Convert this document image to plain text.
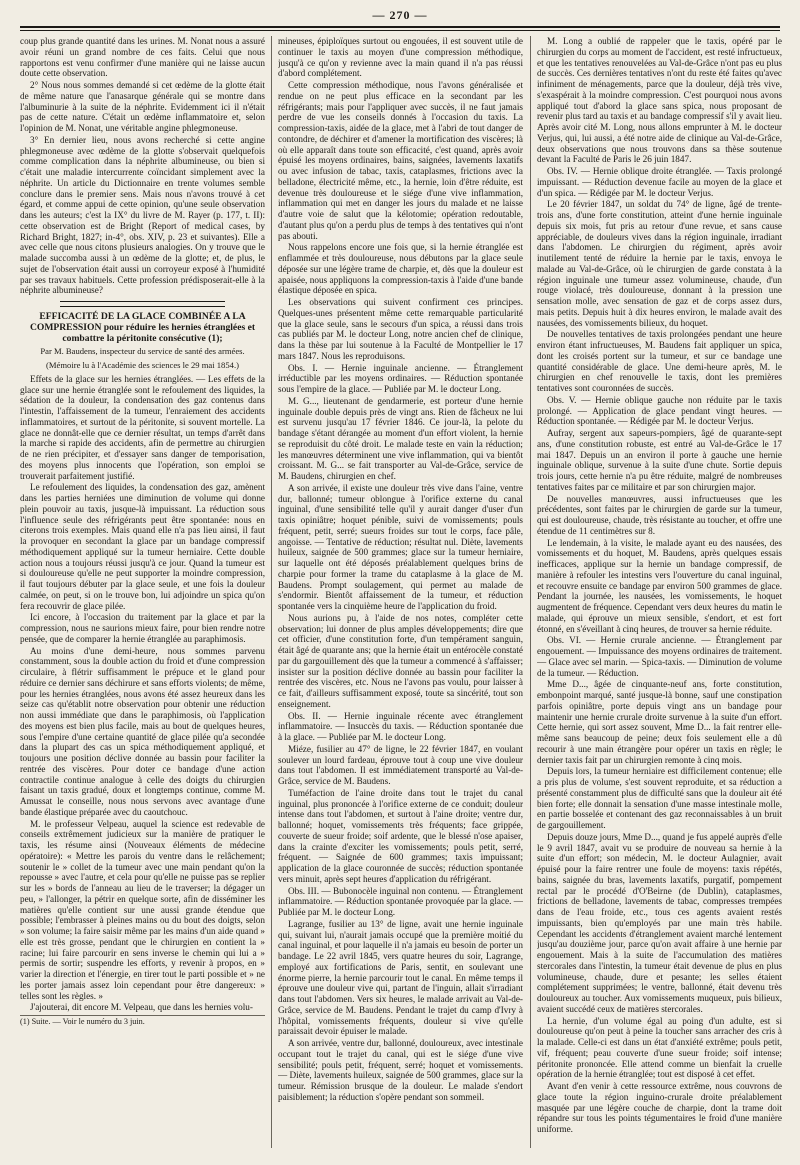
— 270 —

coup plus grande quantité dans les urines. M. Nonat nous a assuré avoir réuni un grand nombre de ces faits. Celui que nous rapportons est venu confirmer d'une manière qui ne laisse aucun doute cette observation.

2° Nous nous sommes demandé si cet œdème de la glotte était de même nature que l'anasarque générale qui se montre dans l'albuminurie à la suite de la néphrite. Evidemment ici il n'était pas de cette nature. C'était un œdème inflammatoire et, selon l'opinion de M. Nonat, une véritable angine phlegmoneuse.

3° En dernier lieu, nous avons recherché si cette angine phlegmoneuse avec œdème de la glotte s'observait quelquefois comme complication dans la néphrite albumineuse, ou bien si c'était une maladie intercurrente coïncidant simplement avec la néphrite. Un article du Dictionnaire en trente volumes semble conclure dans le premier sens. Mais nous n'avons trouvé à cet égard, et comme appui de cette opinion, qu'une seule observation dans les auteurs; c'est la IX° du livre de M. Rayer (p. 177, t. II): cette observation est de Bright (Report of medical cases, by Richard Bright, 1827; in-4°, obs. XIV, p. 23 et suivantes). Elle a avec celle que nous citons plusieurs analogies. On y trouve que le malade succomba aussi à un œdème de la glotte; et, de plus, le sujet de l'observation était aussi un corroyeur exposé à l'humidité par ses travaux habituels. Cette profession prédisposerait-elle à la néphrite albumineuse?

EFFICACITÉ DE LA GLACE COMBINÉE A LA COMPRESSION pour réduire les hernies étranglées et combattre la péritonite consécutive (1);

Par M. Baudens, inspecteur du service de santé des armées.

(Mémoire lu à l'Académie des sciences le 29 mai 1854.)

Effets de la glace sur les hernies étranglées. — Les effets de la glace sur une hernie étranglée sont le refoulement des liquides, la sédation de la douleur, la condensation des gaz contenus dans l'intestin, l'affaissement de la tumeur, l'enraiement des accidents inflammatoires, et surtout de la péritonite, si souvent mortelle. La glace ne donnât-elle que ce dernier résultat, un temps d'arrêt dans la marche si rapide des accidents, afin de permettre au chirurgien de ne rien précipiter, et d'essayer sans danger de temporisation, des moyens plus innocents que l'opération, son emploi se trouverait parfaitement justifié.

Le refoulement des liquides, la condensation des gaz, amènent dans les parties herniées une diminution de volume qui donne plein pouvoir au taxis, jusque-là impuissant. La réduction sous l'influence seule des réfrigérants peut être spontanée: nous en citerons trois exemples. Mais quand elle n'a pas lieu ainsi, il faut la provoquer en secondant la glace par un bandage compressif méthodiquement appliqué sur la tumeur herniaire. Cette double action nous a toujours réussi jusqu'à ce jour. Quand la tumeur est si douloureuse qu'elle ne peut supporter la moindre compression, il faut toujours débuter par la glace seule, et une fois la douleur calmée, on peut, si on le trouve bon, lui adjoindre un spica qu'on fera recouvrir de glace pilée.

Ici encore, à l'occasion du traitement par la glace et par la compression, nous ne saurions mieux faire, pour bien rendre notre pensée, que de comparer la hernie étranglée au paraphimosis.

Au moins d'une demi-heure, nous sommes parvenu constamment, sous la double action du froid et d'une compression circulaire, à flétrir suffisamment le prépuce et le gland pour réduire ce dernier sans déchirure et sans efforts violents; de même, pour les hernies étranglées, nous avons été assez heureux dans les seize cas qu'établit notre observation pour obtenir une réduction non aussi immédiate que dans le paraphimosis, où l'application des moyens est bien plus facile, mais au bout de quelques heures, sous l'empire d'une certaine quantité de glace pilée qu'a secondée dans la plupart des cas un spica méthodiquement appliqué, et toujours une position déclive donnée au bassin pour faciliter la rentrée des viscères. Pour doter ce bandage d'une action contractile continue analogue à celle des doigts du chirurgien faisant un taxis gradué, doux et longtemps continue, comme M. Amussat le conseille, nous nous servons avec avantage d'une bande élastique préparée avec du caoutchouc.

M. le professeur Velpeau, auquel la science est redevable de conseils extrêmement judicieux sur la manière de pratiquer le taxis, les résume ainsi (Nouveaux éléments de médecine opératoire): « Mettre les parois du ventre dans le relâchement; soutenir le » collet de la tumeur avec une main pendant qu'on la repousse » avec l'autre, et cela pour qu'elle ne puisse pas se replier sur les » bords de l'anneau au lieu de le traverser; la dégager un peu, » l'allonger, la pétrir en quelque sorte, afin de disséminer les matières qu'elle contient sur une aussi grande étendue que possible; l'embrasser à pleines mains ou du bout des doigts, selon » son volume; la faire saisir même par les mains d'un aide quand » elle est très grosse, pendant que le chirurgien en contient la » racine; lui faire parcourir en sens inverse le chemin qui lui a » permis de sortir; suspendre les efforts, y revenir à propos, en » varier la direction et l'énergie, en tirer tout le parti possible et » ne les porter jamais assez loin cependant pour être dangereux: » telles sont les règles. »

J'ajouterai, dit encore M. Velpeau, que dans les hernies volu-

(1) Suite. — Voir le numéro du 3 juin.

mineuses, épiploïques surtout ou engouées, il est souvent utile de continuer le taxis au moyen d'une compression méthodique, jusqu'à ce qu'on y revienne avec la main quand il n'a pas réussi d'abord complétement.

Cette compression méthodique, nous l'avons généralisée et rendue on ne peut plus efficace en la secondant par les réfrigérants; mais pour l'appliquer avec succès, il ne faut jamais perdre de vue les conseils donnés à l'occasion du taxis. La compression-taxis, aidée de la glace, met à l'abri de tout danger de contondre, de déchirer et d'amener la mortification des viscères; là où elle apparaît dans toute son efficacité, c'est quand, après avoir épuisé les moyens ordinaires, bains, saignées, lavements laxatifs ou avec infusion de tabac, taxis, cataplasmes, frictions avec la belladone, électricité même, etc., la hernie, loin d'être réduite, est devenue très douloureuse et le siége d'une vive inflammation, inflammation qui met en danger les jours du malade et ne laisse d'autre voie de salut que la kélotomie; opération redoutable, d'autant plus qu'on a perdu plus de temps à des tentatives qui n'ont pas abouti.

Nous rappelons encore une fois que, si la hernie étranglée est enflammée et très douloureuse, nous débutons par la glace seule déposée sur une légère trame de charpie, et, dès que la douleur est apaisée, nous appliquons la compression-taxis à l'aide d'une bande élastique déposée en spica.

Les observations qui suivent confirment ces principes. Quelques-unes présentent même cette remarquable particularité que la glace seule, sans le secours d'un spica, a réussi dans trois cas publiés par M. le docteur Long, notre ancien chef de clinique, dans la thèse par lui soutenue à la Faculté de Montpellier le 17 mars 1847. Nous les reproduisons.

Obs. I. — Hernie inguinale ancienne. — Étranglement irréductible par les moyens ordinaires. — Réduction spontanée sous l'empire de la glace. — Publiée par M. le docteur Long.

M. G..., lieutenant de gendarmerie, est porteur d'une hernie inguinale double depuis près de vingt ans. Rien de fâcheux ne lui est survenu jusqu'au 17 février 1846. Ce jour-là, la pelote du bandage s'étant dérangée au moment d'un effort violent, la hernie se reproduisit du côté droit. Le malade teste en vain la réduction; les manœuvres déterminent une vive inflammation, qui va bientôt croissant. M. G... se fait transporter au Val-de-Grâce, service de M. Baudens, chirurgien en chef.

A son arrivée, il existe une douleur très vive dans l'aine, ventre dur, ballonné; tumeur oblongue à l'orifice externe du canal inguinal, d'une sensibilité telle qu'il y aurait danger d'user d'un taxis opiniâtre; hoquet pénible, suivi de vomissements; pouls fréquent, petit, serré; sueurs froides sur tout le corps, face pâle, angoisse. — Tentative de réduction; résultat nul. Diète, lavements huileux, saignée de 500 grammes; glace sur la tumeur herniaire, sur laquelle ont été déposés préalablement quelques brins de charpie pour former la trame du cataplasme à la glace de M. Baudens. Prompt soulagement, qui permet au malade de s'endormir. Bientôt affaissement de la tumeur, et réduction spontanée vers la cinquième heure de l'application du froid.

Nous aurions pu, à l'aide de nos notes, compléter cette observation; lui donner de plus amples développements; dire que cet officier, d'une constitution forte, d'un tempérament sanguin, était âgé de quarante ans; que la hernie était un entérocèle constaté par du gargouillement dès que la tumeur a commencé à s'affaisser; insister sur la position déclive donnée au bassin pour faciliter la rentrée des viscères, etc. Nous ne l'avons pas voulu, pour laisser à ce fait, d'ailleurs suffisamment exposé, toute sa sincérité, tout son enseignement.

Obs. II. — Hernie inguinale récente avec étranglement inflammatoire. — Insuccès du taxis. — Réduction spontanée due à la glace. — Publiée par M. le docteur Long.

Miéze, fusilier au 47° de ligne, le 22 février 1847, en voulant soulever un lourd fardeau, éprouve tout à coup une vive douleur dans tout l'abdomen. Il est immédiatement transporté au Val-de-Grâce, service de M. Baudens.

Tuméfaction de l'aine droite dans tout le trajet du canal inguinal, plus prononcée à l'orifice externe de ce conduit; douleur intense dans tout l'abdomen, et surtout à l'aine droite; ventre dur, ballonné; hoquet, vomissements très fréquents; face grippée, couverte de sueur froide; soif ardente, que le blessé n'ose apaiser, dans la crainte d'exciter les vomissements; pouls petit, serré, fréquent. — Saignée de 600 grammes; taxis impuissant; application de la glace couronnée de succès; réduction spontanée vers minuit, après sept heures d'application du réfrigérant.

Obs. III. — Bubonocèle inguinal non contenu. — Étranglement inflammatoire. — Réduction spontanée provoquée par la glace. — Publiée par M. le docteur Long.

Lagrange, fusilier au 13° de ligne, avait une hernie inguinale qui, suivant lui, n'aurait jamais occupé que la première moitié du canal inguinal, et pour laquelle il n'a jamais eu besoin de porter un bandage. Le 22 avril 1845, vers quatre heures du soir, Lagrange, employé aux fortifications de Paris, sentit, en soulevant une énorme pierre, la hernie parcourir tout le canal. En même temps il éprouve une douleur vive qui, partant de l'inguin, allait s'irradiant dans tout l'abdomen. Vers six heures, le malade arrivait au Val-de-Grâce, service de M. Baudens. Pendant le trajet du camp d'Ivry à l'hôpital, vomissements fréquents, douleur si vive qu'elle paraissait devoir épuiser le malade.

A son arrivée, ventre dur, ballonné, douloureux, avec intestinale occupant tout le trajet du canal, qui est le siége d'une vive sensibilité; pouls petit, fréquent, serré; hoquet et vomissements. — Diète, lavements huileux, saignée de 500 grammes, glace sur la tumeur. Rémission brusque de la douleur. Le malade s'endort paisiblement; la réduction s'opère pendant son sommeil.

M. Long a oublié de rappeler que le taxis, opéré par le chirurgien du corps au moment de l'accident, est resté infructueux, et que les tentatives renouvelées au Val-de-Grâce n'ont pas eu plus de succès. Ces dernières tentatives n'ont du reste été faites qu'avec infiniment de ménagements, parce que la douleur, déjà très vive, s'exaspérait à la moindre compression. C'est pourquoi nous avons appliqué tout d'abord la glace sans spica, nous proposant de revenir plus tard au taxis et au bandage compressif s'il y avait lieu. Après avoir cité M. Long, nous allons emprunter à M. le docteur Verjus, qui, lui aussi, a été notre aide de clinique au Val-de-Grâce, deux observations que nous trouvons dans sa thèse soutenue devant la Faculté de Paris le 26 juin 1847.

Obs. IV. — Hernie oblique droite étranglée. — Taxis prolongé impuissant. — Réduction devenue facile au moyen de la glace et d'un spica. — Rédigée par M. le docteur Verjus.

Le 20 février 1847, un soldat du 74° de ligne, âgé de trente-trois ans, d'une forte constitution, atteint d'une hernie inguinale depuis six mois, fut pris au retour d'une revue, et sans cause appréciable, de douleurs vives dans la région inguinale, irradiant dans l'abdomen. Le chirurgien du régiment, après avoir inutilement tenté de réduire la hernie par le taxis, envoya le malade au Val-de-Grâce, où le chirurgien de garde constata à la région inguinale une tumeur assez volumineuse, chaude, d'un rouge violacé, très douloureuse, donnant à la pression une sensation molle, avec sensation de gaz et de corps assez durs, mais petits. Depuis huit à dix heures environ, le malade avait des nausées, des vomissements bilieux, du hoquet.

De nouvelles tentatives de taxis prolongées pendant une heure environ étant infructueuses, M. Baudens fait appliquer un spica, dont les croisés portent sur la tumeur, et sur ce bandage une quantité considérable de glace. Une demi-heure après, M. le chirurgien en chef renouvelle le taxis, dont les premières tentatives sont couronnées de succès.

Obs. V. — Hernie oblique gauche non réduite par le taxis prolongé. — Application de glace pendant vingt heures. — Réduction spontanée. — Rédigée par M. le docteur Verjus.

Aufray, sergent aux sapeurs-pompiers, âgé de quarante-sept ans, d'une constitution robuste, est entré au Val-de-Grâce le 17 mai 1847. Depuis un an environ il porte à gauche une hernie inguinale oblique, survenue à la suite d'une chute. Sortie depuis trois jours, cette hernie n'a pu être réduite, malgré de nombreuses tentatives faites par ce militaire et par son chirurgien major.

De nouvelles manœuvres, aussi infructueuses que les précédentes, sont faites par le chirurgien de garde sur la tumeur, qui est douloureuse, chaude, très résistante au toucher, et offre une étendue de 11 centimètres sur 8.

Le lendemain, à la visite, le malade ayant eu des nausées, des vomissements et du hoquet, M. Baudens, après quelques essais inefficaces, applique sur la hernie un bandage compressif, de manière à refouler les intestins vers l'ouverture du canal inguinal, et recouvre ensuite ce bandage par environ 500 grammes de glace. Pendant la journée, les nausées, les vomissements, le hoquet augmentent de fréquence. Cependant vers deux heures du matin le malade, qui éprouve un mieux sensible, s'endort, et est fort étonné, en s'éveillant à cinq heures, de trouver sa hernie réduite.

Obs. VI. — Hernie crurale ancienne. — Étranglement par engouement. — Impuissance des moyens ordinaires de traitement. — Glace avec sel marin. — Spica-taxis. — Diminution de volume de la tumeur. — Réduction.

Mme D..., âgée de cinquante-neuf ans, forte constitution, embonpoint marqué, santé jusque-là bonne, sauf une constipation parfois opiniâtre, porte depuis vingt ans un bandage pour maintenir une hernie crurale droite survenue à la suite d'un effort. Cette hernie, qui sort assez souvent, Mme D... la fait rentrer elle-même sans beaucoup de peine; deux fois seulement elle a dû recourir à une main étrangère pour opérer un taxis en règle; le dernier taxis fait par un chirurgien remonte à cinq mois.

Depuis lors, la tumeur herniaire est difficilement contenue; elle a pris plus de volume, s'est souvent reproduite, et sa réduction a présenté constamment plus de difficulté sans que la douleur ait été bien forte; elle donnait la sensation d'une masse intestinale molle, en partie bosselée et contenant des gaz reconnaissables à un bruit de gargouillement.

Depuis douze jours, Mme D..., quand je fus appelé auprès d'elle le 9 avril 1847, avait vu se produire de nouveau sa hernie à la suite d'un effort; son médecin, M. le docteur Aulagnier, avait épuisé pour la faire rentrer une foule de moyens: taxis répétés, bains, saignée du bras, lavements laxatifs, purgatif, pompement rectal par le procédé d'O'Beirne (de Dublin), cataplasmes, frictions de belladone, lavements de tabac, compresses trempées dans de l'eau froide, etc., tous ces agents avaient restés impuissants, bien qu'employés par une main très habile. Cependant les accidents d'étranglement avaient marché lentement jusqu'au douzième jour, parce qu'on avait affaire à une hernie par engouement. Mais à la suite de l'accumulation des matières stercorales dans l'intestin, la tumeur était devenue de plus en plus volumineuse, chaude, dure et pesante; les selles étaient complétement supprimées; le ventre, ballonné, était devenu très douloureux au toucher. Aux vomissements muqueux, puis bilieux, avaient succédé ceux de matières stercorales.

La hernie, d'un volume égal au poing d'un adulte, est si douloureuse qu'on peut à peine la toucher sans arracher des cris à la malade. Celle-ci est dans un état d'anxiété extrême; pouls petit, vif, fréquent; peau couverte d'une sueur froide; soif intense; péritonite prononcée. Elle attend comme un bienfait la cruelle opération de la hernie étranglée; tout est disposé à cet effet.

Avant d'en venir à cette ressource extrême, nous couvrons de glace toute la région inguino-crurale droite préalablement masquée par une légère couche de charpie, dont la trame doit répandre sur tous les points tégumentaires le froid d'une manière uniforme.
